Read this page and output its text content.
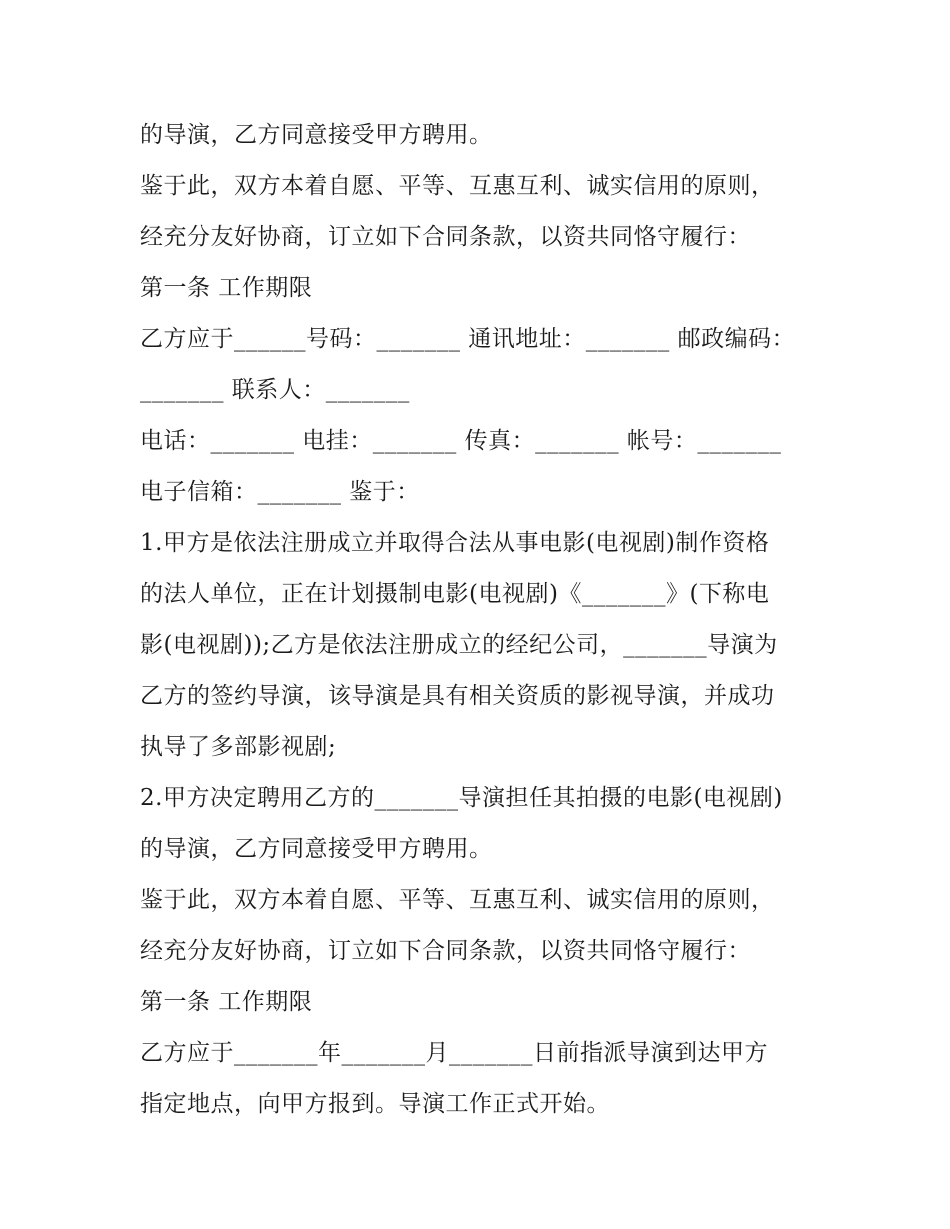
的导演，乙方同意接受甲方聘用。
鉴于此，双方本着自愿、平等、互惠互利、诚实信用的原则，
经充分友好协商，订立如下合同条款，以资共同恪守履行：
第一条 工作期限
乙方应于______号码：_______ 通讯地址：_______ 邮政编码：
_______ 联系人：_______
电话：_______ 电挂：_______ 传真：_______ 帐号：_______
电子信箱：_______ 鉴于：
1.甲方是依法注册成立并取得合法从事电影(电视剧)制作资格
的法人单位，正在计划摄制电影(电视剧)《_______》(下称电
影(电视剧));乙方是依法注册成立的经纪公司，_______导演为
乙方的签约导演，该导演是具有相关资质的影视导演，并成功
执导了多部影视剧;
2.甲方决定聘用乙方的_______导演担任其拍摄的电影(电视剧)
的导演，乙方同意接受甲方聘用。
鉴于此，双方本着自愿、平等、互惠互利、诚实信用的原则，
经充分友好协商，订立如下合同条款，以资共同恪守履行：
第一条 工作期限
乙方应于_______年_______月_______日前指派导演到达甲方
指定地点，向甲方报到。导演工作正式开始。
